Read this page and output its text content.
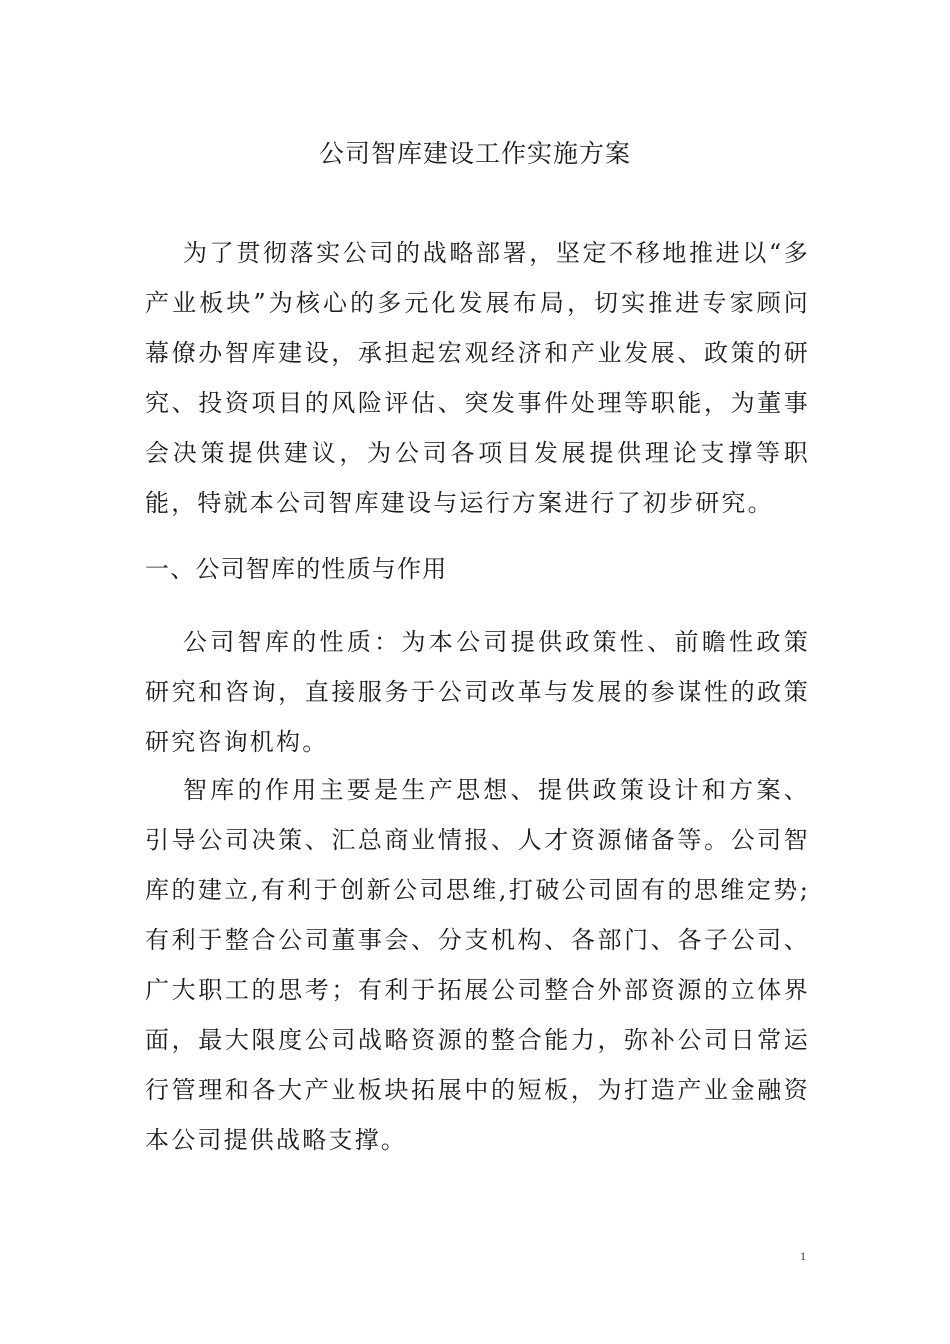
公司智库建设工作实施方案

为了贯彻落实公司的战略部署，坚定不移地推进以“多产业板块”为核心的多元化发展布局，切实推进专家顾问幕僚办智库建设，承担起宏观经济和产业发展、政策的研究、投资项目的风险评估、突发事件处理等职能，为董事会决策提供建议，为公司各项目发展提供理论支撑等职能，特就本公司智库建设与运行方案进行了初步研究。

一、公司智库的性质与作用

公司智库的性质：为本公司提供政策性、前瞻性政策研究和咨询，直接服务于公司改革与发展的参谋性的政策研究咨询机构。

智库的作用主要是生产思想、提供政策设计和方案、引导公司决策、汇总商业情报、人才资源储备等。公司智库的建立,有利于创新公司思维,打破公司固有的思维定势;有利于整合公司董事会、分支机构、各部门、各子公司、广大职工的思考；有利于拓展公司整合外部资源的立体界面，最大限度公司战略资源的整合能力，弥补公司日常运行管理和各大产业板块拓展中的短板，为打造产业金融资本公司提供战略支撑。

1
